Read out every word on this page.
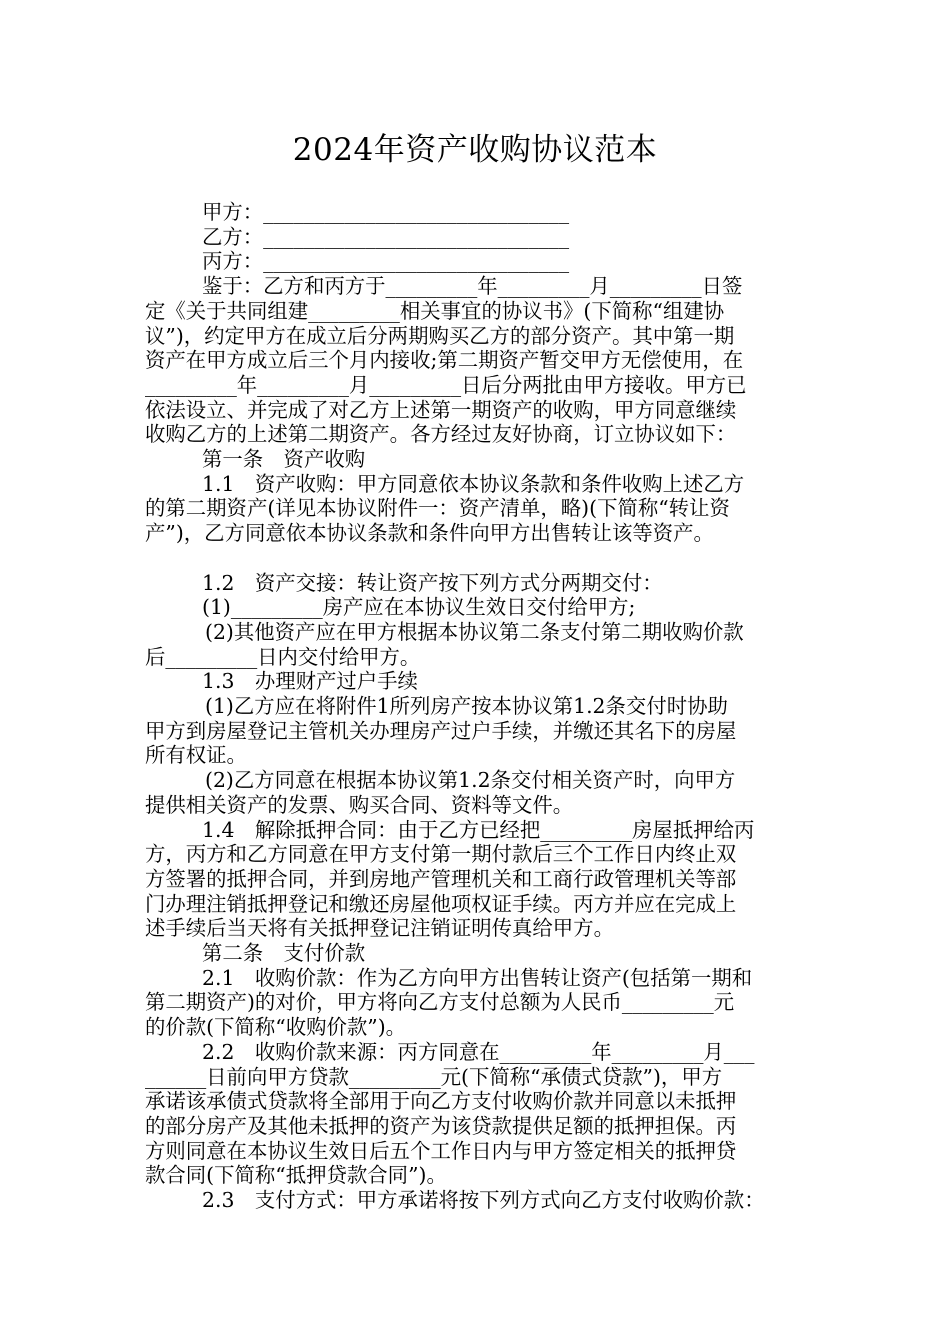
2024年资产收购协议范本

甲方：______________________________

乙方：______________________________

丙方：______________________________

鉴于：乙方和丙方于_________年_________月_________日签

定《关于共同组建_________相关事宜的协议书》(下简称“组建协

议”)，约定甲方在成立后分两期购买乙方的部分资产。其中第一期

资产在甲方成立后三个月内接收;第二期资产暂交甲方无偿使用，在

_________年_________月_________日后分两批由甲方接收。甲方已

依法设立、并完成了对乙方上述第一期资产的收购，甲方同意继续

收购乙方的上述第二期资产。各方经过友好协商，订立协议如下：

第一条　资产收购

1.1　资产收购：甲方同意依本协议条款和条件收购上述乙方

的第二期资产(详见本协议附件一：资产清单，略)(下简称“转让资

产”)，乙方同意依本协议条款和条件向甲方出售转让该等资产。

1.2　资产交接：转让资产按下列方式分两期交付：

(1)_________房产应在本协议生效日交付给甲方;

(2)其他资产应在甲方根据本协议第二条支付第二期收购价款

后_________日内交付给甲方。

1.3　办理财产过户手续

(1)乙方应在将附件1所列房产按本协议第1.2条交付时协助

甲方到房屋登记主管机关办理房产过户手续，并缴还其名下的房屋

所有权证。

(2)乙方同意在根据本协议第1.2条交付相关资产时，向甲方

提供相关资产的发票、购买合同、资料等文件。

1.4　解除抵押合同：由于乙方已经把_________房屋抵押给丙

方，丙方和乙方同意在甲方支付第一期付款后三个工作日内终止双

方签署的抵押合同，并到房地产管理机关和工商行政管理机关等部

门办理注销抵押登记和缴还房屋他项权证手续。丙方并应在完成上

述手续后当天将有关抵押登记注销证明传真给甲方。

第二条　支付价款

2.1　收购价款：作为乙方向甲方出售转让资产(包括第一期和

第二期资产)的对价，甲方将向乙方支付总额为人民币_________元

的价款(下简称“收购价款”)。

2.2　收购价款来源：丙方同意在_________年_________月___

______日前向甲方贷款_________元(下简称“承债式贷款”)，甲方

承诺该承债式贷款将全部用于向乙方支付收购价款并同意以未抵押

的部分房产及其他未抵押的资产为该贷款提供足额的抵押担保。丙

方则同意在本协议生效日后五个工作日内与甲方签定相关的抵押贷

款合同(下简称“抵押贷款合同”)。

2.3　支付方式：甲方承诺将按下列方式向乙方支付收购价款：
